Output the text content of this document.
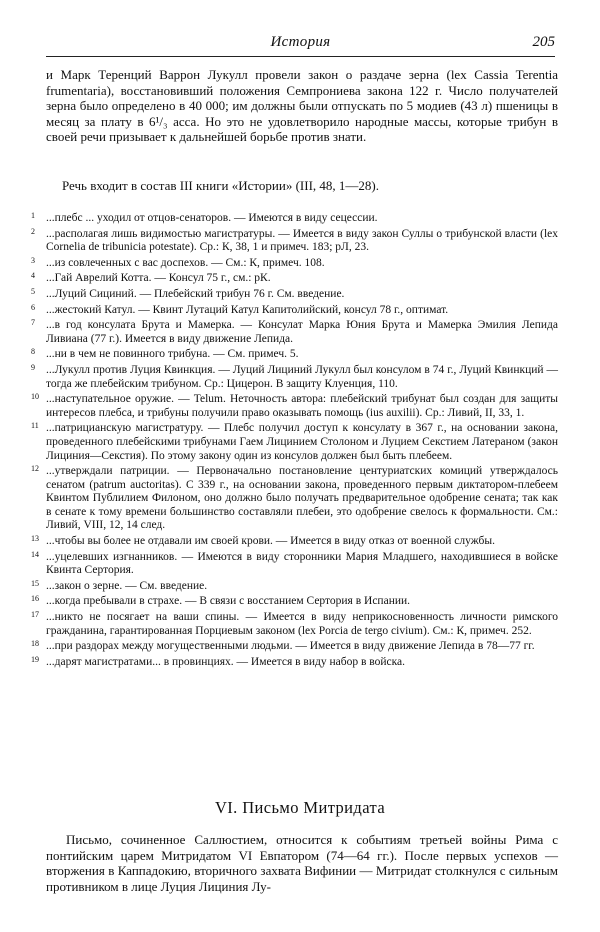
История	205

и Марк Теренций Варрон Лукулл провели закон о раздаче зерна (lex Cassia Terentia frumentaria), восстановивший положения Семпрониева закона 122 г. Число получателей зерна было определено в 40 000; им должны были отпускать по 5 модиев (43 л) пшеницы в месяц за плату в 6¹/₃ асса. Но это не удовлетворило народные массы, которые трибун в своей речи призывает к дальнейшей борьбе против знати.

Речь входит в состав III книги «Истории» (III, 48, 1—28).

1 ...плебс ... уходил от отцов-сенаторов. — Имеются в виду сецессии.
2 ...располагая лишь видимостью магистратуры. — Имеется в виду закон Суллы о трибунской власти (lex Cornelia de tribunicia potestate). Ср.: К, 38, 1 и примеч. 183; рЛ, 23.
3 ...из совлеченных с вас доспехов. — См.: К, примеч. 108.
4 ...Гай Аврелий Котта. — Консул 75 г., см.: рК.
5 ...Луций Сициний. — Плебейский трибун 76 г. См. введение.
6 ...жестокий Катул. — Квинт Лутаций Катул Капитолийский, консул 78 г., оптимат.
7 ...в год консулата Брута и Мамерка. — Консулат Марка Юния Брута и Мамерка Эмилия Лепида Ливиана (77 г.). Имеется в виду движение Лепида.
8 ...ни в чем не повинного трибуна. — См. примеч. 5.
9 ...Лукулл против Луция Квинкция. — Луций Лициний Лукулл был консулом в 74 г., Луций Квинкций — тогда же плебейским трибуном. Ср.: Цицерон. В защиту Клуенция, 110.
10 ...наступательное оружие. — Telum. Неточность автора: плебейский трибунат был создан для защиты интересов плебса, и трибуны получили право оказывать помощь (ius auxilii). Ср.: Ливий, II, 33, 1.
11 ...патрицианскую магистратуру. — Плебс получил доступ к консулату в 367 г., на основании закона, проведенного плебейскими трибунами Гаем Лицинием Столоном и Луцием Секстием Латераном (закон Лициния—Секстия). По этому закону один из консулов должен был быть плебеем.
12 ...утверждали патриции. — Первоначально постановление центуриатских комиций утверждалось сенатом (patrum auctoritas). С 339 г., на основании закона, проведенного первым диктатором-плебеем Квинтом Публилием Филоном, оно должно было получать предварительное одобрение сената; так как в сенате к тому времени большинство составляли плебеи, это одобрение свелось к формальности. См.: Ливий, VIII, 12, 14 след.
13 ...чтобы вы более не отдавали им своей крови. — Имеется в виду отказ от военной службы.
14 ...уцелевших изгнанников. — Имеются в виду сторонники Мария Младшего, находившиеся в войске Квинта Сертория.
15 ...закон о зерне. — См. введение.
16 ...когда пребывали в страхе. — В связи с восстанием Сертория в Испании.
17 ...никто не посягает на ваши спины. — Имеется в виду неприкосновенность личности римского гражданина, гарантированная Порциевым законом (lex Porcia de tergo civium). См.: К, примеч. 252.
18 ...при раздорах между могущественными людьми. — Имеется в виду движение Лепида в 78—77 гг.
19 ...дарят магистратами... в провинциях. — Имеется в виду набор в войска.
VI. Письмо Митридата

Письмо, сочиненное Саллюстием, относится к событиям третьей войны Рима с понтийским царем Митридатом VI Евпатором (74—64 гг.). После первых успехов — вторжения в Каппадокию, вторичного захвата Вифинии — Митридат столкнулся с сильным противником в лице Луция Лициния Лу-
